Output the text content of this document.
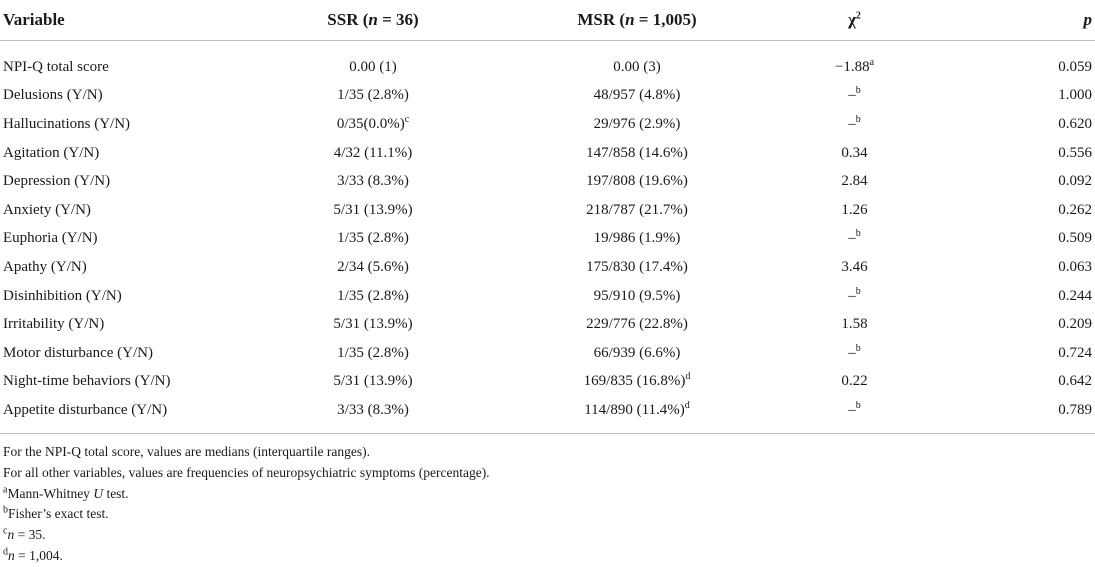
Variable	SSR (n = 36)	MSR (n = 1,005)	$\chi^2$	p
NPI-Q total score	0.00 (1)	0.00 (3)	−1.88$^a$	0.059
Delusions (Y/N)	1/35 (2.8%)	48/957 (4.8%)	–$^b$	1.000
Hallucinations (Y/N)	$0/35(0.0\%)^c$	29/976 (2.9%)	–$^b$	0.620
Agitation (Y/N)	4/32 (11.1%)	147/858 (14.6%)	0.34	0.556
Depression (Y/N)	3/33 (8.3%)	197/808 (19.6%)	2.84	0.092
Anxiety (Y/N)	5/31 (13.9%)	218/787 (21.7%)	1.26	0.262
Euphoria (Y/N)	1/35 (2.8%)	19/986 (1.9%)	–$^b$	0.509
Apathy (Y/N)	2/34 (5.6%)	175/830 (17.4%)	3.46	0.063
Disinhibition (Y/N)	1/35 (2.8%)	95/910 (9.5%)	–$^b$	0.244
Irritability (Y/N)	5/31 (13.9%)	229/776 (22.8%)	1.58	0.209
Motor disturbance (Y/N)	1/35 (2.8%)	66/939 (6.6%)	–$^b$	0.724
Night-time behaviors (Y/N)	5/31 (13.9%)	169/835 $(16.8\%)^d$	0.22	0.642
Appetite disturbance (Y/N)	3/33 (8.3%)	114/890 $(11.4\%)^d$	–$^b$	0.789
For the NPI-Q total score, values are medians (interquartile ranges).
For all other variables, values are frequencies of neuropsychiatric symptoms (percentage).
$^a$Mann-Whitney U test.
$^b$Fisher’s exact test.
$^c$n = 35.
$^d$n = 1,004.
